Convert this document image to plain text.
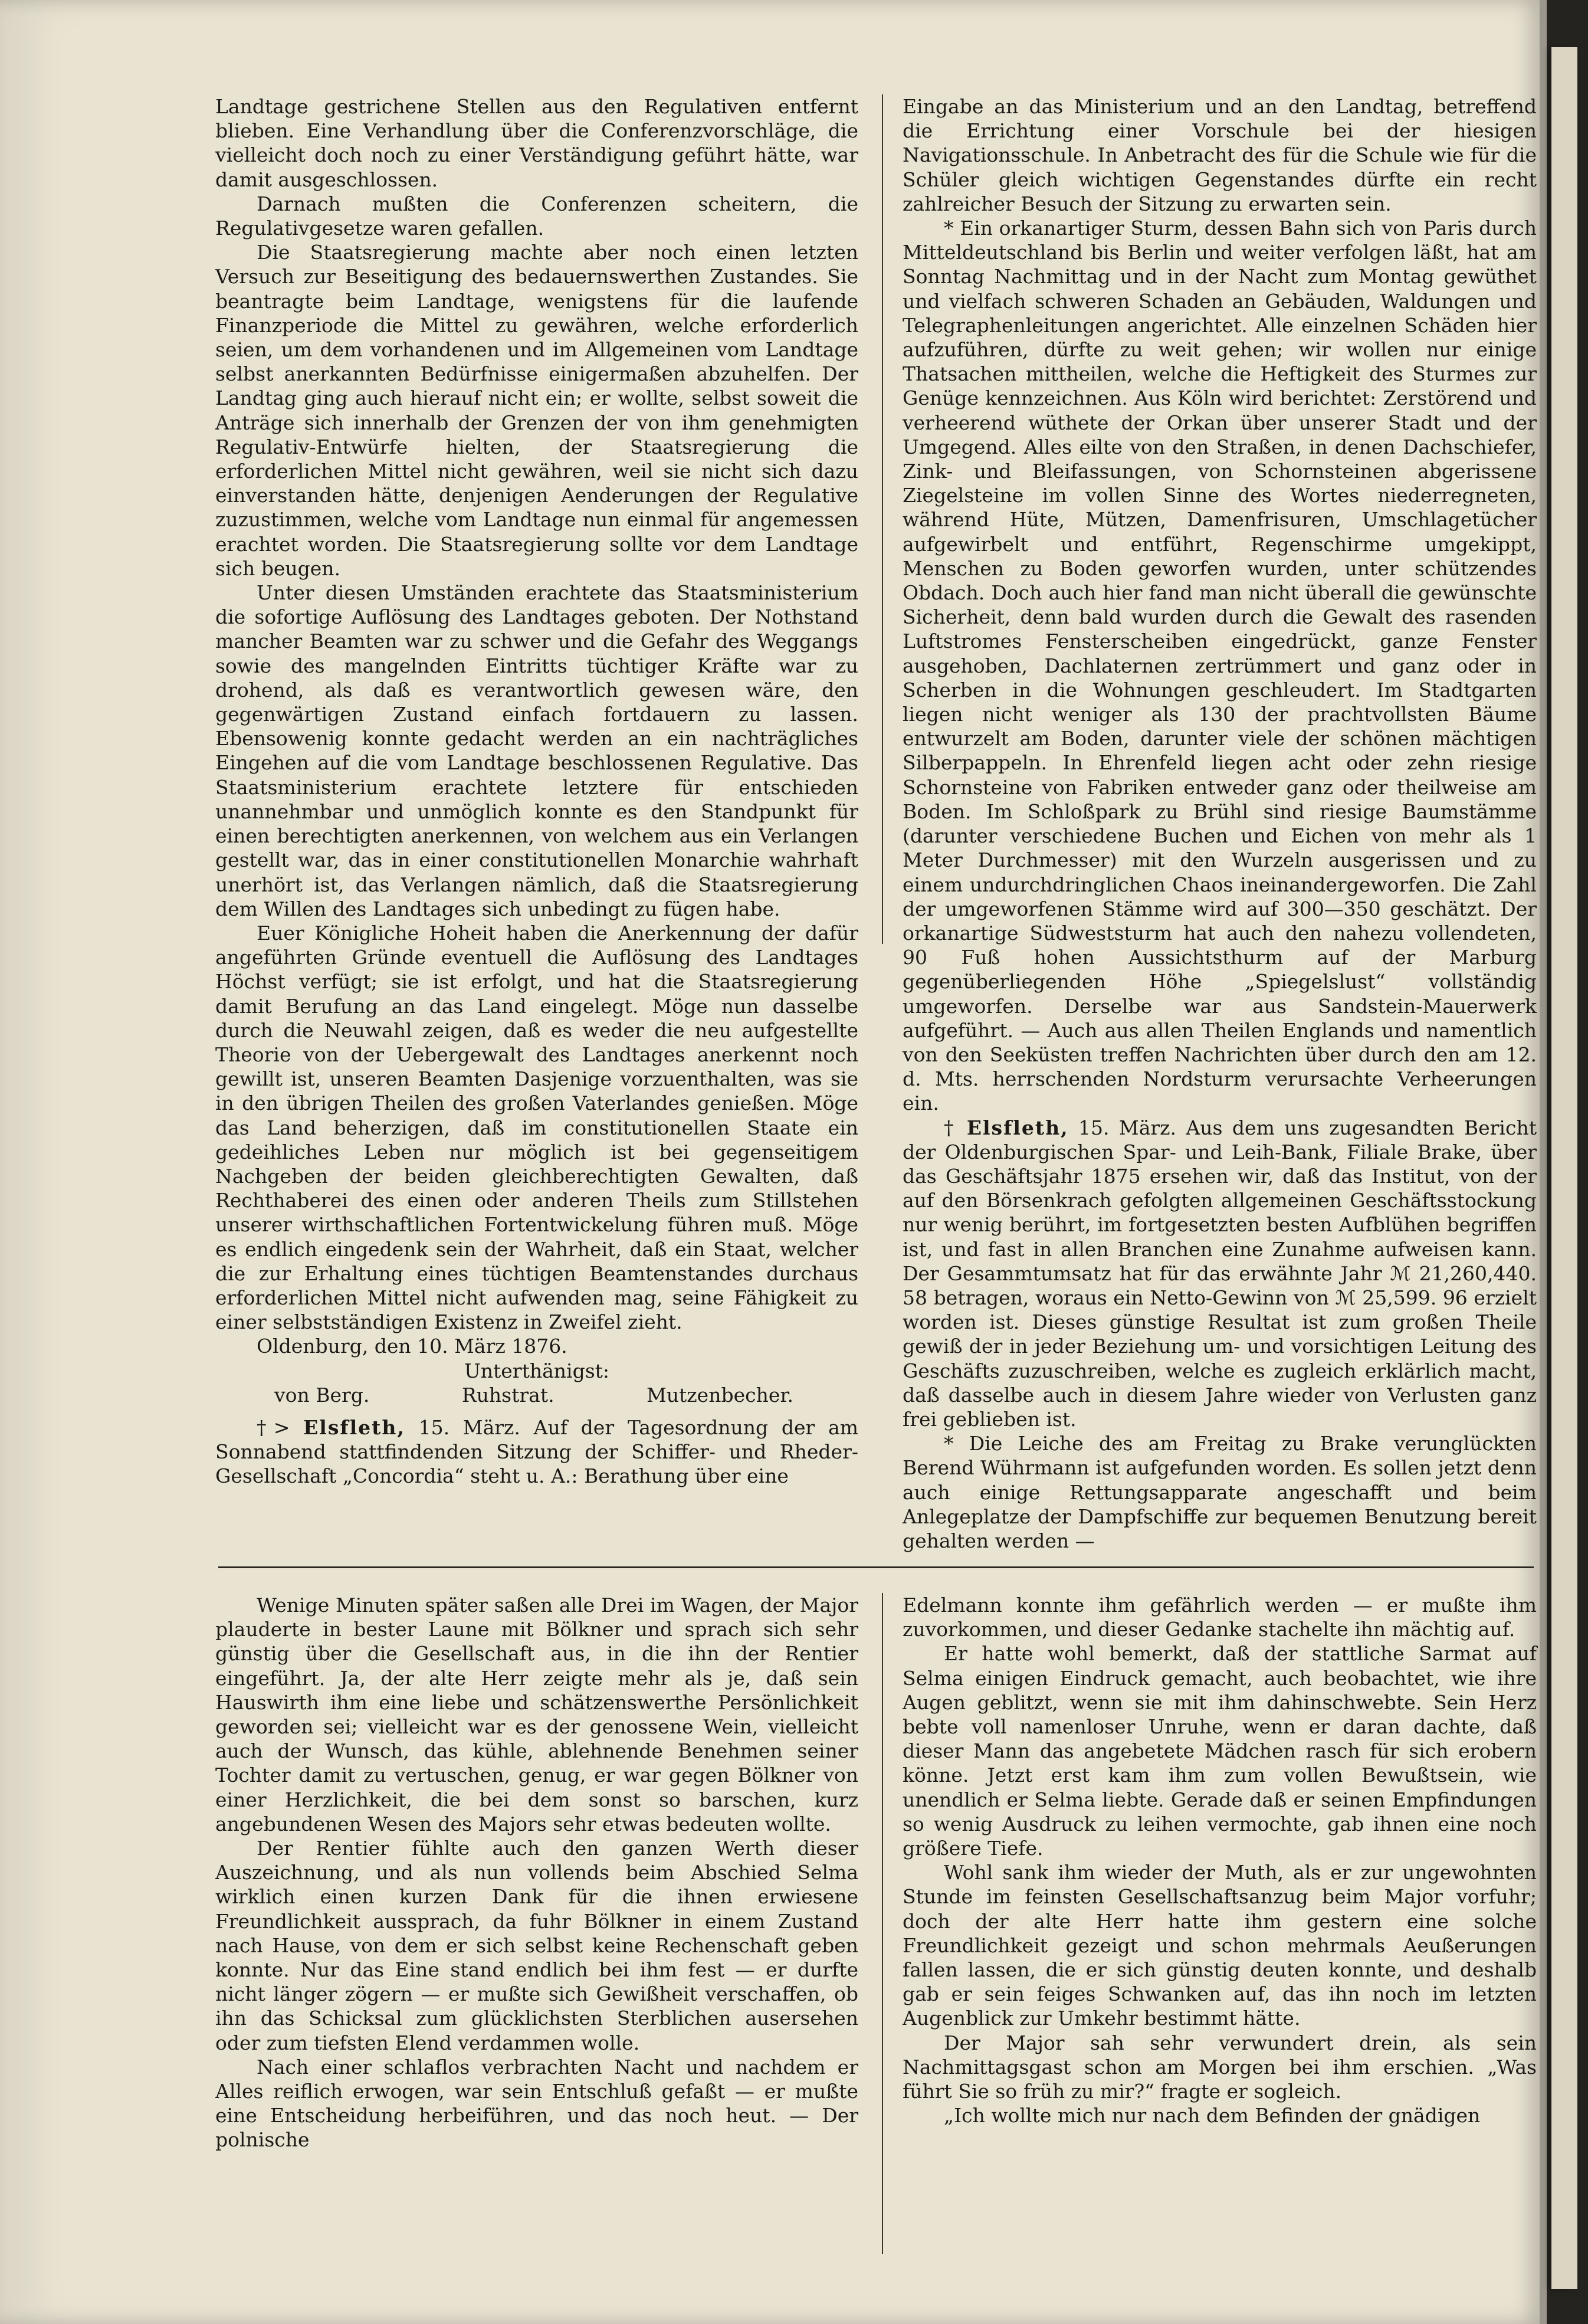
Landtage gestrichene Stellen aus den Regulativen entfernt blieben. Eine Verhandlung über die Conferenzvorschläge, die vielleicht doch noch zu einer Verständigung geführt hätte, war damit ausgeschlossen.

Darnach mußten die Conferenzen scheitern, die Regulativgesetze waren gefallen.

Die Staatsregierung machte aber noch einen letzten Versuch zur Beseitigung des bedauernswerthen Zustandes. Sie beantragte beim Landtage, wenigstens für die laufende Finanzperiode die Mittel zu gewähren, welche erforderlich seien, um dem vorhandenen und im Allgemeinen vom Landtage selbst anerkannten Bedürfnisse einigermaßen abzuhelfen. Der Landtag ging auch hierauf nicht ein; er wollte, selbst soweit die Anträge sich innerhalb der Grenzen der von ihm genehmigten Regulativ-Entwürfe hielten, der Staatsregierung die erforderlichen Mittel nicht gewähren, weil sie nicht sich dazu einverstanden hätte, denjenigen Aenderungen der Regulative zuzustimmen, welche vom Landtage nun einmal für angemessen erachtet worden. Die Staatsregierung sollte vor dem Landtage sich beugen.

Unter diesen Umständen erachtete das Staatsministerium die sofortige Auflösung des Landtages geboten. Der Nothstand mancher Beamten war zu schwer und die Gefahr des Weggangs sowie des mangelnden Eintritts tüchtiger Kräfte war zu drohend, als daß es verantwortlich gewesen wäre, den gegenwärtigen Zustand einfach fortdauern zu lassen. Ebensowenig konnte gedacht werden an ein nachträgliches Eingehen auf die vom Landtage beschlossenen Regulative. Das Staatsministerium erachtete letztere für entschieden unannehmbar und unmöglich konnte es den Standpunkt für einen berechtigten anerkennen, von welchem aus ein Verlangen gestellt war, das in einer constitutionellen Monarchie wahrhaft unerhört ist, das Verlangen nämlich, daß die Staatsregierung dem Willen des Landtages sich unbedingt zu fügen habe.

Euer Königliche Hoheit haben die Anerkennung der dafür angeführten Gründe eventuell die Auflösung des Landtages Höchst verfügt; sie ist erfolgt, und hat die Staatsregierung damit Berufung an das Land eingelegt. Möge nun dasselbe durch die Neuwahl zeigen, daß es weder die neu aufgestellte Theorie von der Uebergewalt des Landtages anerkennt noch gewillt ist, unseren Beamten Dasjenige vorzuenthalten, was sie in den übrigen Theilen des großen Vaterlandes genießen. Möge das Land beherzigen, daß im constitutionellen Staate ein gedeihliches Leben nur möglich ist bei gegenseitigem Nachgeben der beiden gleichberechtigten Gewalten, daß Rechthaberei des einen oder anderen Theils zum Stillstehen unserer wirthschaftlichen Fortentwickelung führen muß. Möge es endlich eingedenk sein der Wahrheit, daß ein Staat, welcher die zur Erhaltung eines tüchtigen Beamtenstandes durchaus erforderlichen Mittel nicht aufwenden mag, seine Fähigkeit zu einer selbstständigen Existenz in Zweifel zieht.

Oldenburg, den 10. März 1876.

Unterthänigst:

von Berg.	Ruhstrat.	Mutzenbecher.

†> Elsfleth, 15. März. Auf der Tagesordnung der am Sonnabend stattfindenden Sitzung der Schiffer- und Rheder-Gesellschaft „Concordia“ steht u. A.: Berathung über eine

Eingabe an das Ministerium und an den Landtag, betreffend die Errichtung einer Vorschule bei der hiesigen Navigationsschule. In Anbetracht des für die Schule wie für die Schüler gleich wichtigen Gegenstandes dürfte ein recht zahlreicher Besuch der Sitzung zu erwarten sein.

* Ein orkanartiger Sturm, dessen Bahn sich von Paris durch Mitteldeutschland bis Berlin und weiter verfolgen läßt, hat am Sonntag Nachmittag und in der Nacht zum Montag gewüthet und vielfach schweren Schaden an Gebäuden, Waldungen und Telegraphenleitungen angerichtet. Alle einzelnen Schäden hier aufzuführen, dürfte zu weit gehen; wir wollen nur einige Thatsachen mittheilen, welche die Heftigkeit des Sturmes zur Genüge kennzeichnen. Aus Köln wird berichtet: Zerstörend und verheerend wüthete der Orkan über unserer Stadt und der Umgegend. Alles eilte von den Straßen, in denen Dachschiefer, Zink- und Bleifassungen, von Schornsteinen abgerissene Ziegelsteine im vollen Sinne des Wortes niederregneten, während Hüte, Mützen, Damenfrisuren, Umschlagetücher aufgewirbelt und entführt, Regenschirme umgekippt, Menschen zu Boden geworfen wurden, unter schützendes Obdach. Doch auch hier fand man nicht überall die gewünschte Sicherheit, denn bald wurden durch die Gewalt des rasenden Luftstromes Fensterscheiben eingedrückt, ganze Fenster ausgehoben, Dachlaternen zertrümmert und ganz oder in Scherben in die Wohnungen geschleudert. Im Stadtgarten liegen nicht weniger als 130 der prachtvollsten Bäume entwurzelt am Boden, darunter viele der schönen mächtigen Silberpappeln. In Ehrenfeld liegen acht oder zehn riesige Schornsteine von Fabriken entweder ganz oder theilweise am Boden. Im Schloßpark zu Brühl sind riesige Baumstämme (darunter verschiedene Buchen und Eichen von mehr als 1 Meter Durchmesser) mit den Wurzeln ausgerissen und zu einem undurchdringlichen Chaos ineinandergeworfen. Die Zahl der umgeworfenen Stämme wird auf 300—350 geschätzt. Der orkanartige Südweststurm hat auch den nahezu vollendeten, 90 Fuß hohen Aussichtsthurm auf der Marburg gegenüberliegenden Höhe „Spiegelslust“ vollständig umgeworfen. Derselbe war aus Sandstein-Mauerwerk aufgeführt. — Auch aus allen Theilen Englands und namentlich von den Seeküsten treffen Nachrichten über durch den am 12. d. Mts. herrschenden Nordsturm verursachte Verheerungen ein.

† Elsfleth, 15. März. Aus dem uns zugesandten Bericht der Oldenburgischen Spar- und Leih-Bank, Filiale Brake, über das Geschäftsjahr 1875 ersehen wir, daß das Institut, von der auf den Börsenkrach gefolgten allgemeinen Geschäftsstockung nur wenig berührt, im fortgesetzten besten Aufblühen begriffen ist, und fast in allen Branchen eine Zunahme aufweisen kann. Der Gesammtumsatz hat für das erwähnte Jahr ℳ 21,260,440. 58 betragen, woraus ein Netto-Gewinn von ℳ 25,599. 96 erzielt worden ist. Dieses günstige Resultat ist zum großen Theile gewiß der in jeder Beziehung um- und vorsichtigen Leitung des Geschäfts zuzuschreiben, welche es zugleich erklärlich macht, daß dasselbe auch in diesem Jahre wieder von Verlusten ganz frei geblieben ist.

* Die Leiche des am Freitag zu Brake verunglückten Berend Wührmann ist aufgefunden worden. Es sollen jetzt denn auch einige Rettungsapparate angeschafft und beim Anlegeplatze der Dampfschiffe zur bequemen Benutzung bereit gehalten werden —

Wenige Minuten später saßen alle Drei im Wagen, der Major plauderte in bester Laune mit Bölkner und sprach sich sehr günstig über die Gesellschaft aus, in die ihn der Rentier eingeführt. Ja, der alte Herr zeigte mehr als je, daß sein Hauswirth ihm eine liebe und schätzenswerthe Persönlichkeit geworden sei; vielleicht war es der genossene Wein, vielleicht auch der Wunsch, das kühle, ablehnende Benehmen seiner Tochter damit zu vertuschen, genug, er war gegen Bölkner von einer Herzlichkeit, die bei dem sonst so barschen, kurz angebundenen Wesen des Majors sehr etwas bedeuten wollte.

Der Rentier fühlte auch den ganzen Werth dieser Auszeichnung, und als nun vollends beim Abschied Selma wirklich einen kurzen Dank für die ihnen erwiesene Freundlichkeit aussprach, da fuhr Bölkner in einem Zustand nach Hause, von dem er sich selbst keine Rechenschaft geben konnte. Nur das Eine stand endlich bei ihm fest — er durfte nicht länger zögern — er mußte sich Gewißheit verschaffen, ob ihn das Schicksal zum glücklichsten Sterblichen ausersehen oder zum tiefsten Elend verdammen wolle.

Nach einer schlaflos verbrachten Nacht und nachdem er Alles reiflich erwogen, war sein Entschluß gefaßt — er mußte eine Entscheidung herbeiführen, und das noch heut. — Der polnische

Edelmann konnte ihm gefährlich werden — er mußte ihm zuvorkommen, und dieser Gedanke stachelte ihn mächtig auf.

Er hatte wohl bemerkt, daß der stattliche Sarmat auf Selma einigen Eindruck gemacht, auch beobachtet, wie ihre Augen geblitzt, wenn sie mit ihm dahinschwebte. Sein Herz bebte voll namenloser Unruhe, wenn er daran dachte, daß dieser Mann das angebetete Mädchen rasch für sich erobern könne. Jetzt erst kam ihm zum vollen Bewußtsein, wie unendlich er Selma liebte. Gerade daß er seinen Empfindungen so wenig Ausdruck zu leihen vermochte, gab ihnen eine noch größere Tiefe.

Wohl sank ihm wieder der Muth, als er zur ungewohnten Stunde im feinsten Gesellschaftsanzug beim Major vorfuhr; doch der alte Herr hatte ihm gestern eine solche Freundlichkeit gezeigt und schon mehrmals Aeußerungen fallen lassen, die er sich günstig deuten konnte, und deshalb gab er sein feiges Schwanken auf, das ihn noch im letzten Augenblick zur Umkehr bestimmt hätte.

Der Major sah sehr verwundert drein, als sein Nachmittagsgast schon am Morgen bei ihm erschien. „Was führt Sie so früh zu mir?“ fragte er sogleich.

„Ich wollte mich nur nach dem Befinden der gnädigen
